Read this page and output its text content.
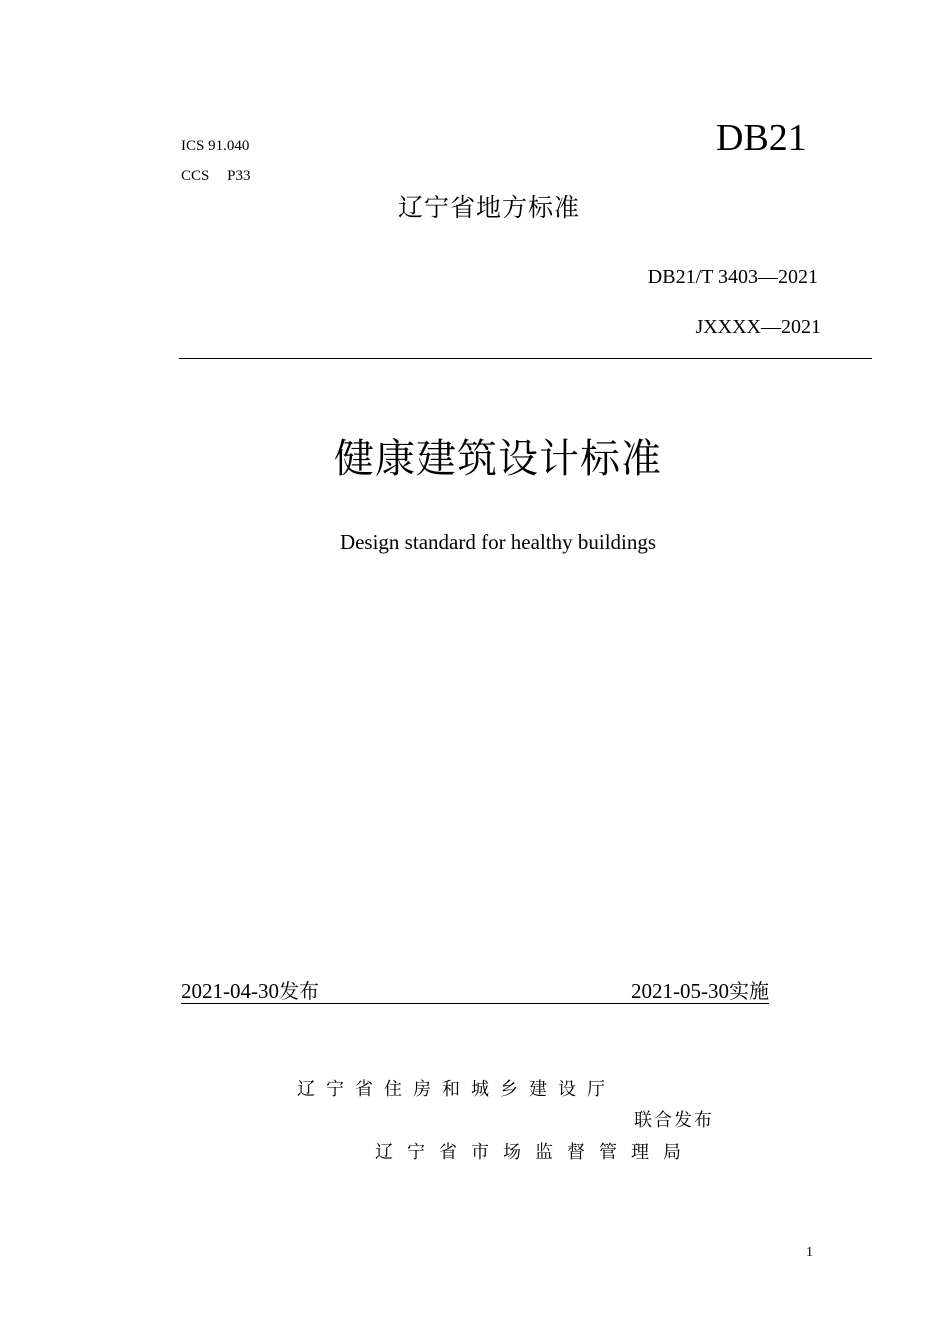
ICS 91.040
CCS P33
DB21
辽宁省地方标准
DB21/T 3403—2021
JXXXX—2021
健康建筑设计标准
Design standard for healthy buildings
2021-04-30发布	2021-05-30实施
辽宁省住房和城乡建设厅
联合发布
辽宁省市场监督管理局
1
